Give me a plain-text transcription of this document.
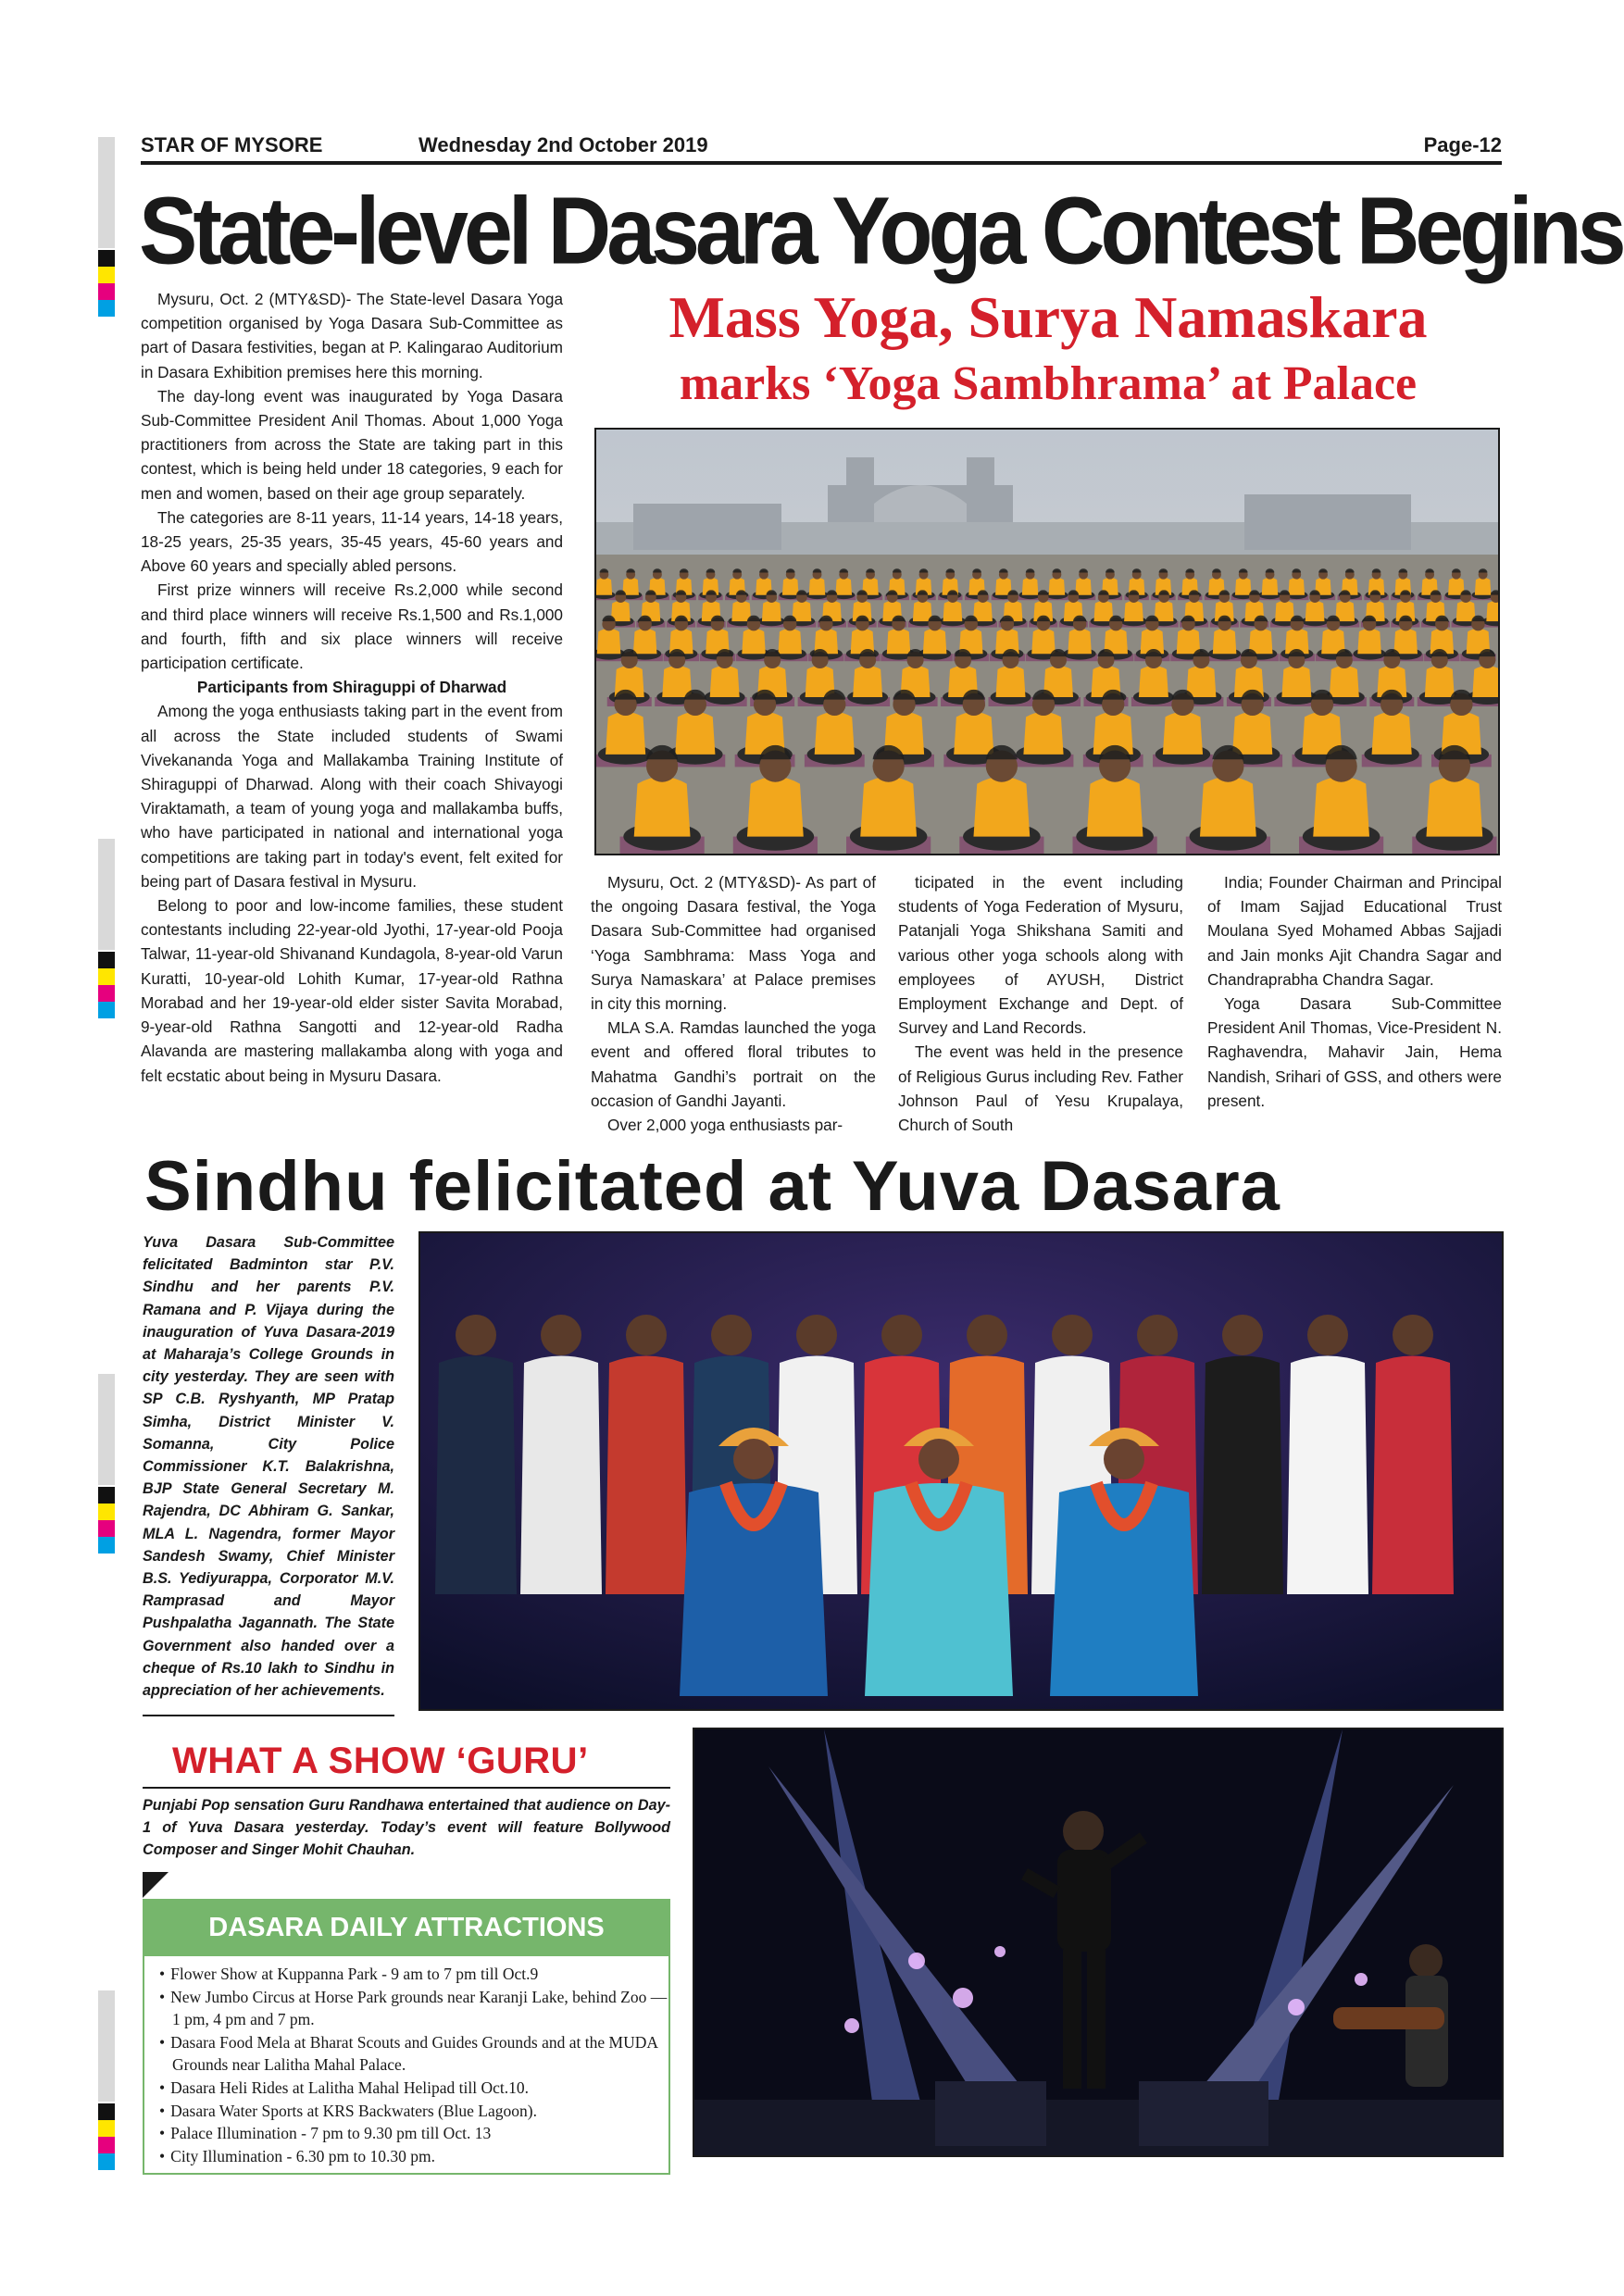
STAR OF MYSORE	Wednesday 2nd October 2019	Page-12
State-level Dasara Yoga Contest Begins

Mysuru, Oct. 2 (MTY&SD)- The State-level Dasara Yoga competition organised by Yoga Dasara Sub-Committee as part of Dasara festivities, began at P. Kalingarao Auditorium in Dasara Exhibition premises here this morning.

The day-long event was inaugurated by Yoga Dasara Sub-Committee President Anil Thomas. About 1,000 Yoga practitioners from across the State are taking part in this contest, which is being held under 18 categories, 9 each for men and women, based on their age group separately.

The categories are 8-11 years, 11-14 years, 14-18 years, 18-25 years, 25-35 years, 35-45 years, 45-60 years and Above 60 years and specially abled persons.

First prize winners will receive Rs.2,000 while second and third place winners will receive Rs.1,500 and Rs.1,000 and fourth, fifth and six place winners will receive participation certificate.

Participants from Shiraguppi of Dharwad

Among the yoga enthusiasts taking part in the event from all across the State included students of Swami Vivekananda Yoga and Mallakamba Training Institute of Shiraguppi of Dharwad. Along with their coach Shivayogi Viraktamath, a team of young yoga and mallakamba buffs, who have participated in national and international yoga competitions are taking part in today's event, felt exited for being part of Dasara festival in Mysuru.

Belong to poor and low-income families, these student contestants including 22-year-old Jyothi, 17-year-old Pooja Talwar, 11-year-old Shivanand Kundagola, 8-year-old Varun Kuratti, 10-year-old Lohith Kumar, 17-year-old Rathna Morabad and her 19-year-old elder sister Savita Morabad, 9-year-old Rathna Sangotti and 12-year-old Radha Alavanda are mastering mallakamba along with yoga and felt ecstatic about being in Mysuru Dasara.

Mass Yoga, Surya Namaskara
marks ‘Yoga Sambhrama’ at Palace

Mysuru, Oct. 2 (MTY&SD)- As part of the ongoing Dasara festival, the Yoga Dasara Sub-Committee had organised ‘Yoga Sambhrama: Mass Yoga and Surya Namaskara’ at Palace premises in city this morning.

MLA S.A. Ramdas launched the yoga event and offered floral tributes to Mahatma Gandhi’s portrait on the occasion of Gandhi Jayanti.

Over 2,000 yoga enthusiasts par-

ticipated in the event including students of Yoga Federation of Mysuru, Patanjali Yoga Shikshana Samiti and various other yoga schools along with employees of AYUSH, District Employment Exchange and Dept. of Survey and Land Records.

The event was held in the presence of Religious Gurus including Rev. Father Johnson Paul of Yesu Krupalaya, Church of South

India; Founder Chairman and Principal of Imam Sajjad Educational Trust Moulana Syed Mohamed Abbas Sajjadi and Jain monks Ajit Chandra Sagar and Chandraprabha Chandra Sagar.

Yoga Dasara Sub-Committee President Anil Thomas, Vice-President N. Raghavendra, Mahavir Jain, Hema Nandish, Srihari of GSS, and others were present.

Sindhu felicitated at Yuva Dasara
Yuva Dasara Sub-Committee felicitated Badminton star P.V. Sindhu and her parents P.V. Ramana and P. Vijaya during the inauguration of Yuva Dasara-2019 at Maharaja’s College Grounds in city yesterday. They are seen with SP C.B. Ryshyanth, MP Pratap Simha, District Minister V. Somanna, City Police Commissioner K.T. Balakrishna, BJP State General Secretary M. Rajendra, DC Abhiram G. Sankar, MLA L. Nagendra, former Mayor Sandesh Swamy, Chief Minister B.S. Yediyurappa, Corporator M.V. Ramprasad and Mayor Pushpalatha Jagannath. The State Government also handed over a cheque of Rs.10 lakh to Sindhu in appreciation of her achievements.
WHAT A SHOW ‘GURU’
Punjabi Pop sensation Guru Randhawa entertained that audience on Day-1 of Yuva Dasara yesterday. Today’s event will feature Bollywood Composer and Singer Mohit Chauhan.
DASARA DAILY ATTRACTIONS
• Flower Show at Kuppanna Park - 9 am to 7 pm till Oct.9
• New Jumbo Circus at Horse Park grounds near Karanji Lake, behind Zoo — 1 pm, 4 pm and 7 pm.
• Dasara Food Mela at Bharat Scouts and Guides Grounds and at the MUDA Grounds near Lalitha Mahal Palace.
• Dasara Heli Rides at Lalitha Mahal Helipad till Oct.10.
• Dasara Water Sports at KRS Backwaters (Blue Lagoon).
• Palace Illumination - 7 pm to 9.30 pm till Oct. 13
• City Illumination - 6.30 pm to 10.30 pm.
